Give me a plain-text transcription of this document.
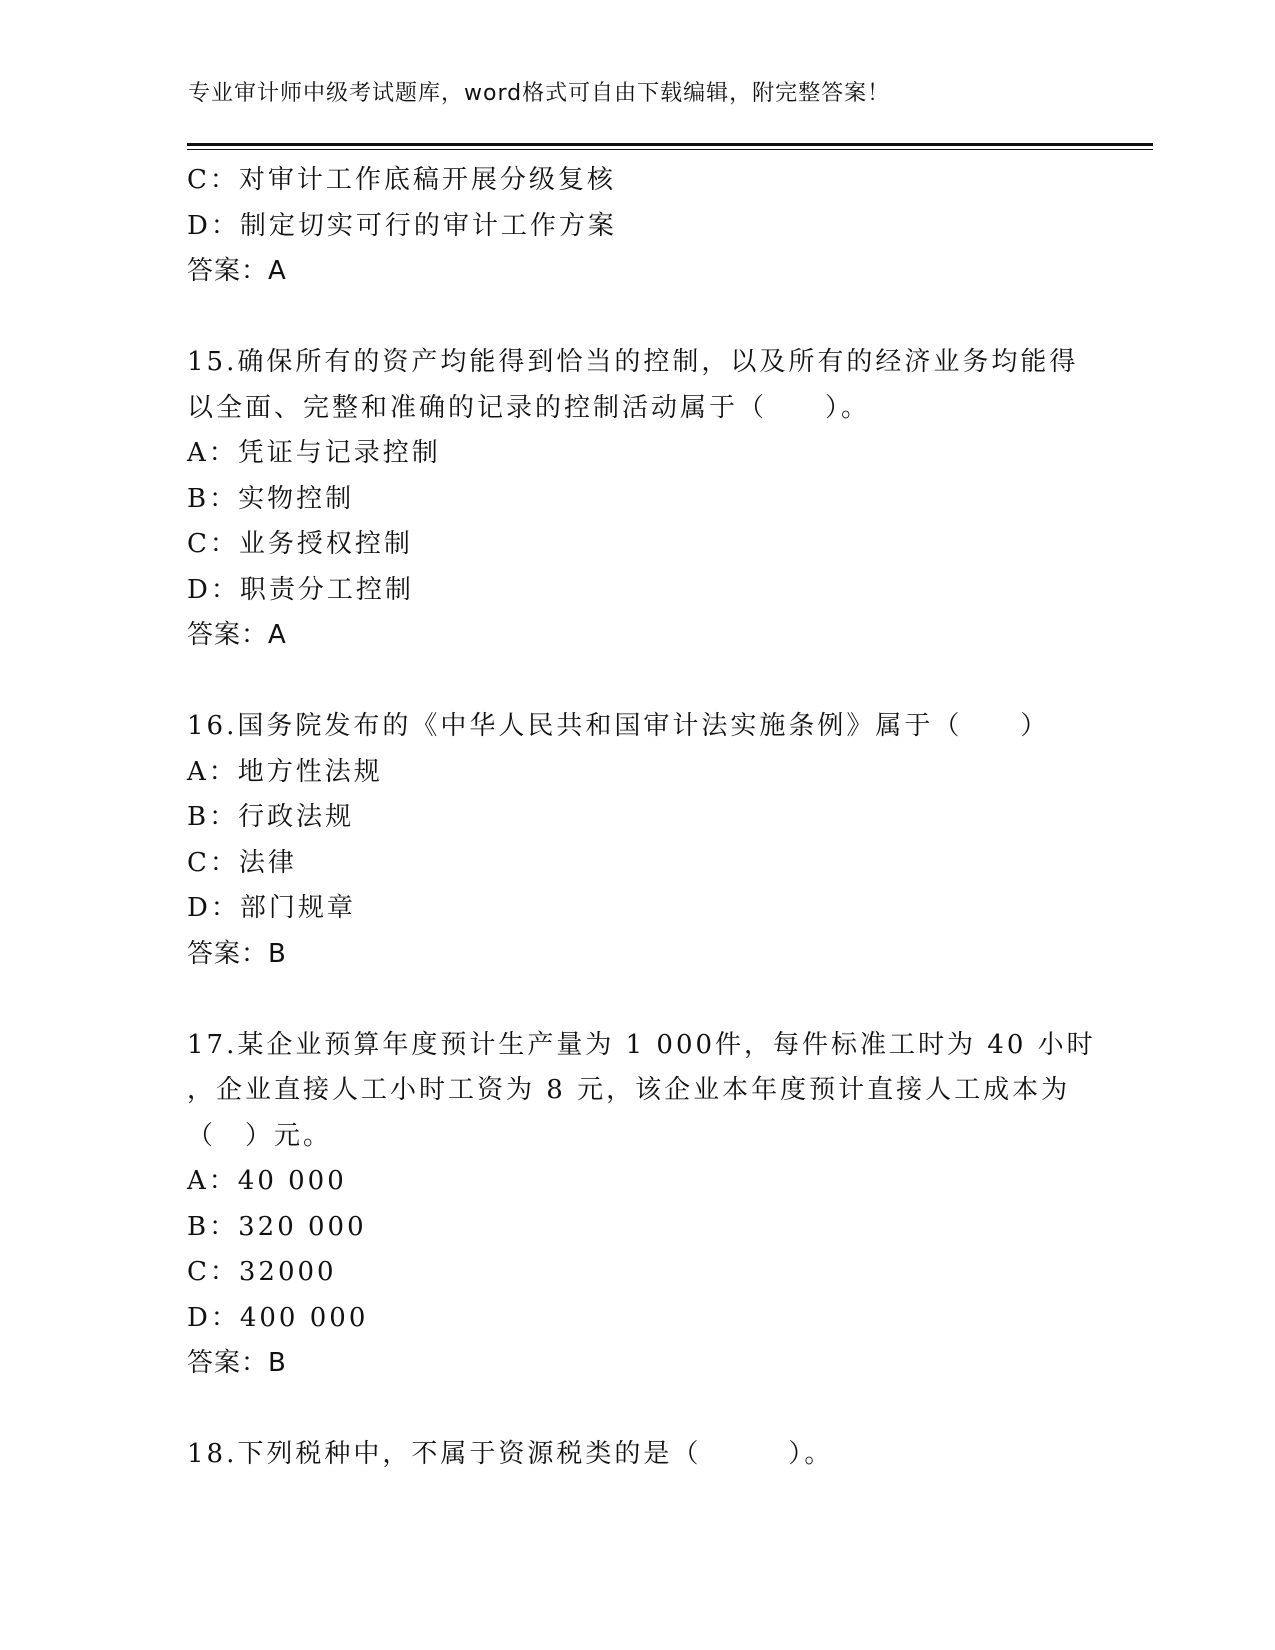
专业审计师中级考试题库，word格式可自由下载编辑，附完整答案！
C：对审计工作底稿开展分级复核
D：制定切实可行的审计工作方案
答案：A
15.确保所有的资产均能得到恰当的控制，以及所有的经济业务均能得
以全面、完整和准确的记录的控制活动属于（　　）。
A：凭证与记录控制
B：实物控制
C：业务授权控制
D：职责分工控制
答案：A
16.国务院发布的《中华人民共和国审计法实施条例》属于（　　）
A：地方性法规
B：行政法规
C：法律
D：部门规章
答案：B
17.某企业预算年度预计生产量为 1 000件，每件标准工时为 40 小时
，企业直接人工小时工资为 8 元，该企业本年度预计直接人工成本为
（　）元。
A：40 000
B：320 000
C：32000
D：400 000
答案：B
18.下列税种中，不属于资源税类的是（　　　）。
